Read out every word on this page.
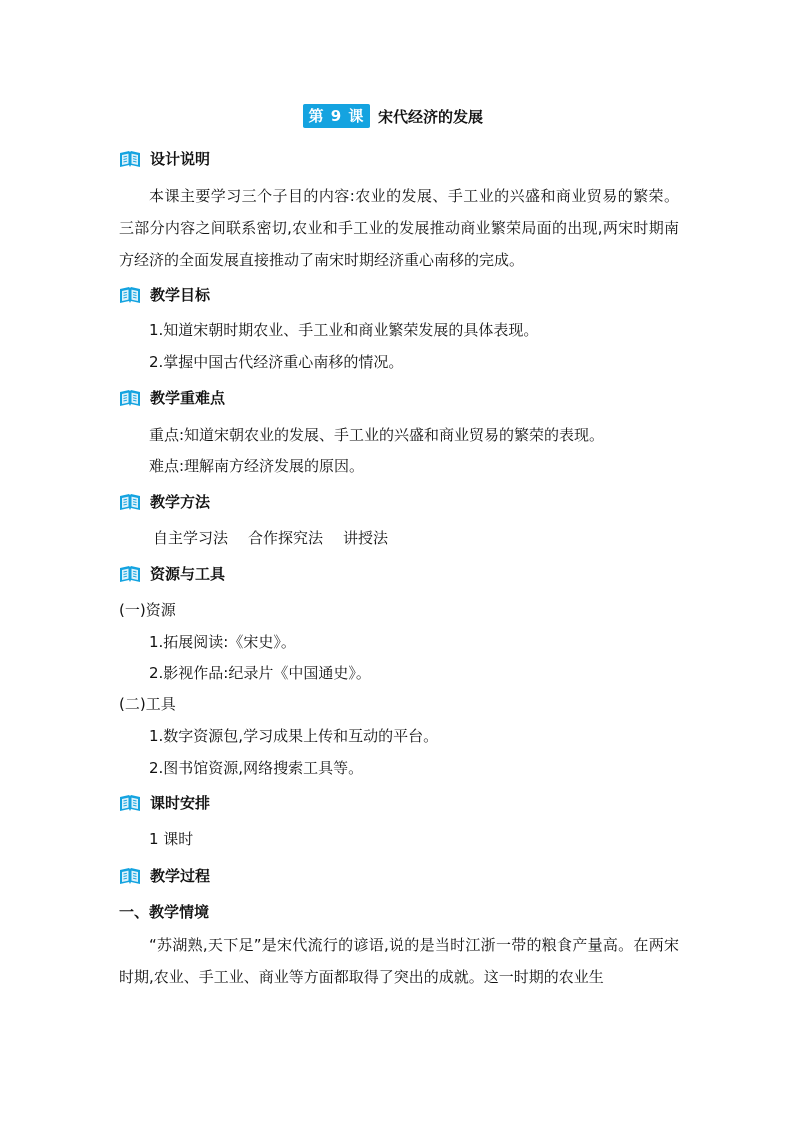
第 9 课 宋代经济的发展
设计说明
本课主要学习三个子目的内容:农业的发展、手工业的兴盛和商业贸易的繁荣。三部分内容之间联系密切,农业和手工业的发展推动商业繁荣局面的出现,两宋时期南方经济的全面发展直接推动了南宋时期经济重心南移的完成。
教学目标
1.知道宋朝时期农业、手工业和商业繁荣发展的具体表现。
2.掌握中国古代经济重心南移的情况。
教学重难点
重点:知道宋朝农业的发展、手工业的兴盛和商业贸易的繁荣的表现。
难点:理解南方经济发展的原因。
教学方法
自主学习法 合作探究法 讲授法
资源与工具
(一)资源
1.拓展阅读:《宋史》。
2.影视作品:纪录片《中国通史》。
(二)工具
1.数字资源包,学习成果上传和互动的平台。
2.图书馆资源,网络搜索工具等。
课时安排
1 课时
教学过程
一、教学情境
“苏湖熟,天下足”是宋代流行的谚语,说的是当时江浙一带的粮食产量高。在两宋时期,农业、手工业、商业等方面都取得了突出的成就。这一时期的农业生
